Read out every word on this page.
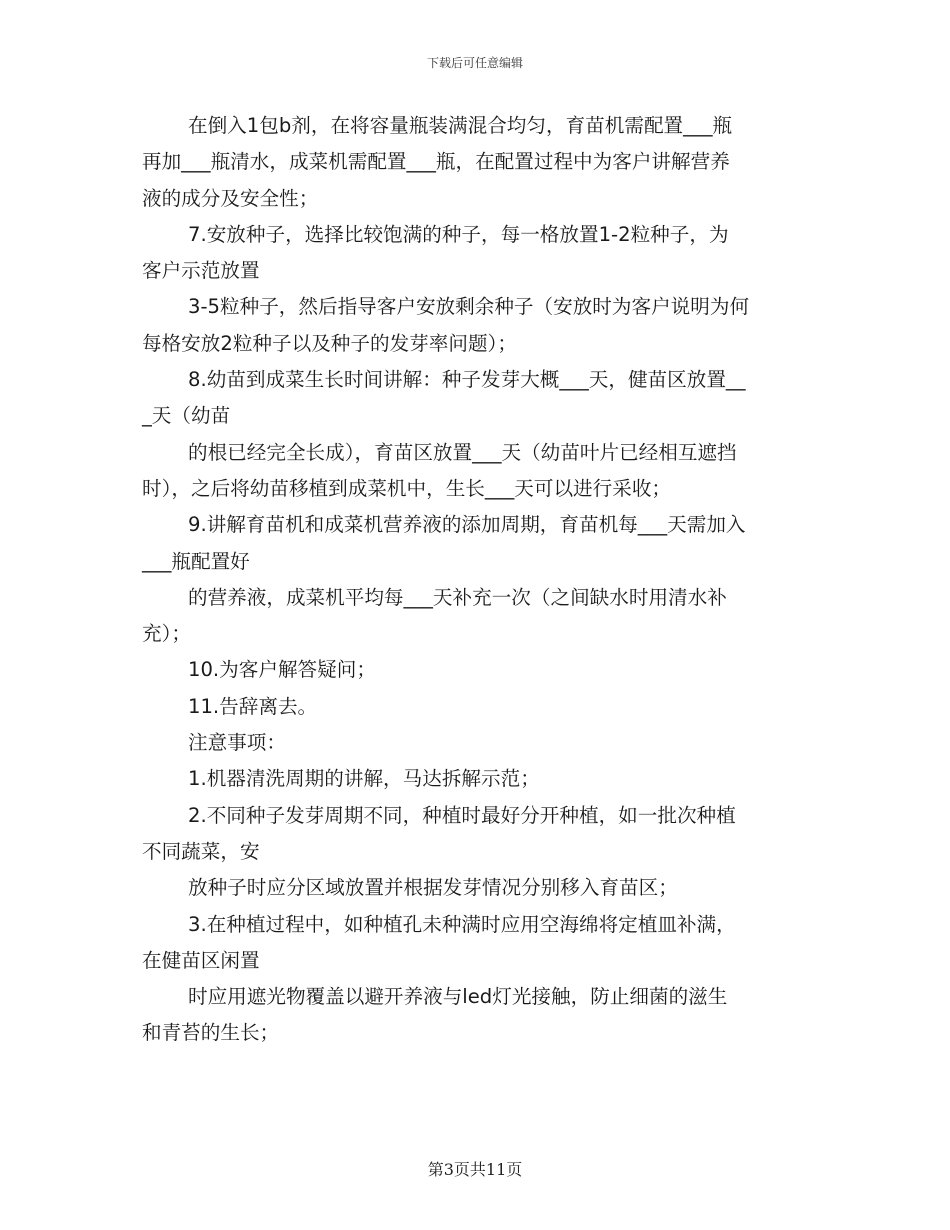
下载后可任意编辑
在倒入1包b剂，在将容量瓶装满混合均匀，育苗机需配置___瓶
再加___瓶清水，成菜机需配置___瓶，在配置过程中为客户讲解营养
液的成分及安全性；
7.安放种子，选择比较饱满的种子，每一格放置1-2粒种子，为
客户示范放置
3-5粒种子，然后指导客户安放剩余种子（安放时为客户说明为何
每格安放2粒种子以及种子的发芽率问题）；
8.幼苗到成菜生长时间讲解：种子发芽大概___天，健苗区放置__
_天（幼苗
的根已经完全长成），育苗区放置___天（幼苗叶片已经相互遮挡
时），之后将幼苗移植到成菜机中，生长___天可以进行采收；
9.讲解育苗机和成菜机营养液的添加周期，育苗机每___天需加入
___瓶配置好
的营养液，成菜机平均每___天补充一次（之间缺水时用清水补
充）；
10.为客户解答疑问；
11.告辞离去。
注意事项：
1.机器清洗周期的讲解，马达拆解示范；
2.不同种子发芽周期不同，种植时最好分开种植，如一批次种植
不同蔬菜，安
放种子时应分区域放置并根据发芽情况分别移入育苗区；
3.在种植过程中，如种植孔未种满时应用空海绵将定植皿补满，
在健苗区闲置
时应用遮光物覆盖以避开养液与led灯光接触，防止细菌的滋生
和青苔的生长；
第3页共11页
